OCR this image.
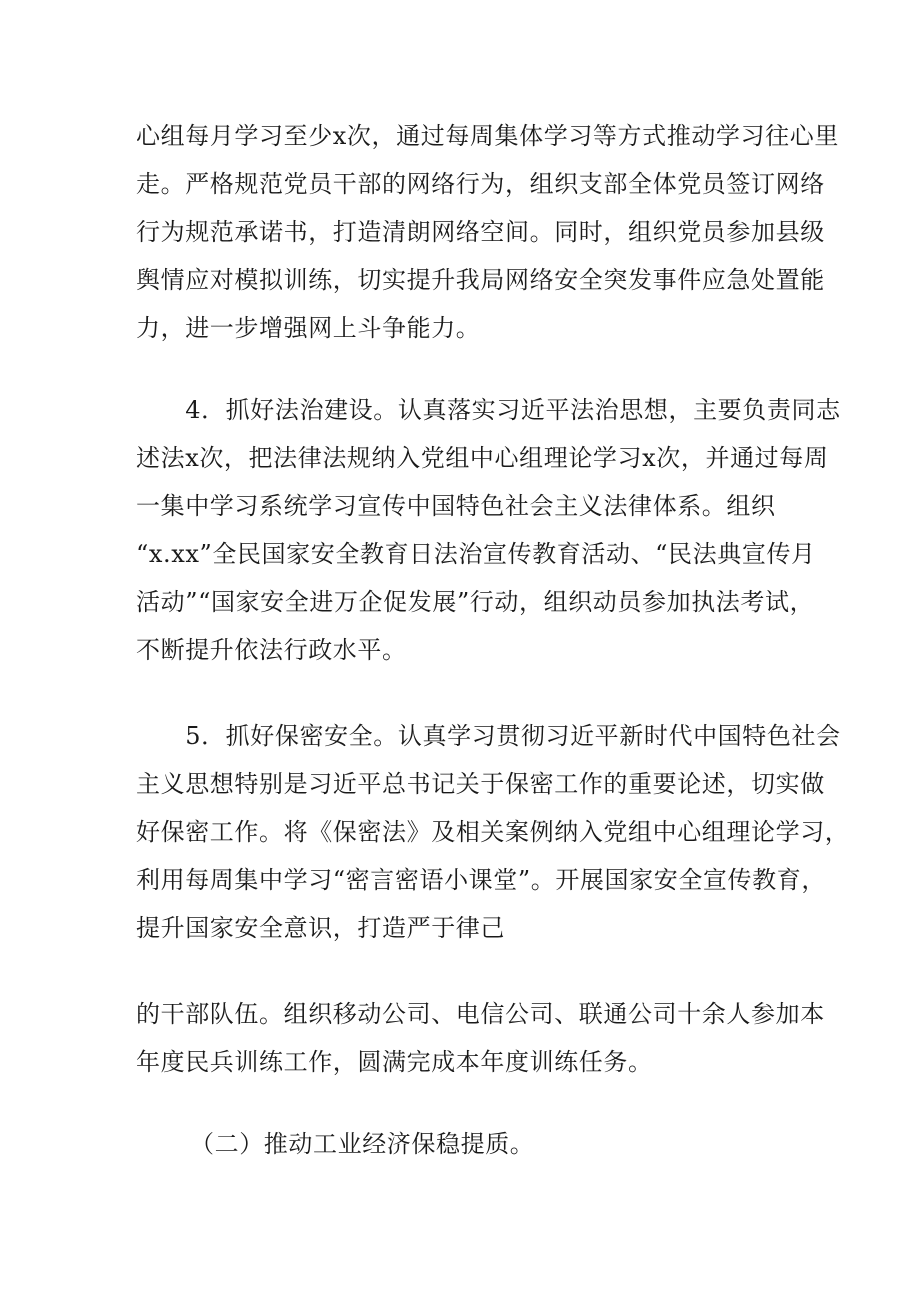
心组每月学习至少x次，通过每周集体学习等方式推动学习往心里
走。严格规范党员干部的网络行为，组织支部全体党员签订网络
行为规范承诺书，打造清朗网络空间。同时，组织党员参加县级
舆情应对模拟训练，切实提升我局网络安全突发事件应急处置能
力，进一步增强网上斗争能力。

　　4．抓好法治建设。认真落实习近平法治思想，主要负责同志
述法x次，把法律法规纳入党组中心组理论学习x次，并通过每周
一集中学习系统学习宣传中国特色社会主义法律体系。组织
“x.xx”全民国家安全教育日法治宣传教育活动、“民法典宣传月
活动”“国家安全进万企促发展”行动，组织动员参加执法考试，
不断提升依法行政水平。

　　5．抓好保密安全。认真学习贯彻习近平新时代中国特色社会
主义思想特别是习近平总书记关于保密工作的重要论述，切实做
好保密工作。将《保密法》及相关案例纳入党组中心组理论学习，
利用每周集中学习“密言密语小课堂”。开展国家安全宣传教育，
提升国家安全意识，打造严于律己

的干部队伍。组织移动公司、电信公司、联通公司十余人参加本
年度民兵训练工作，圆满完成本年度训练任务。

（二）推动工业经济保稳提质。
